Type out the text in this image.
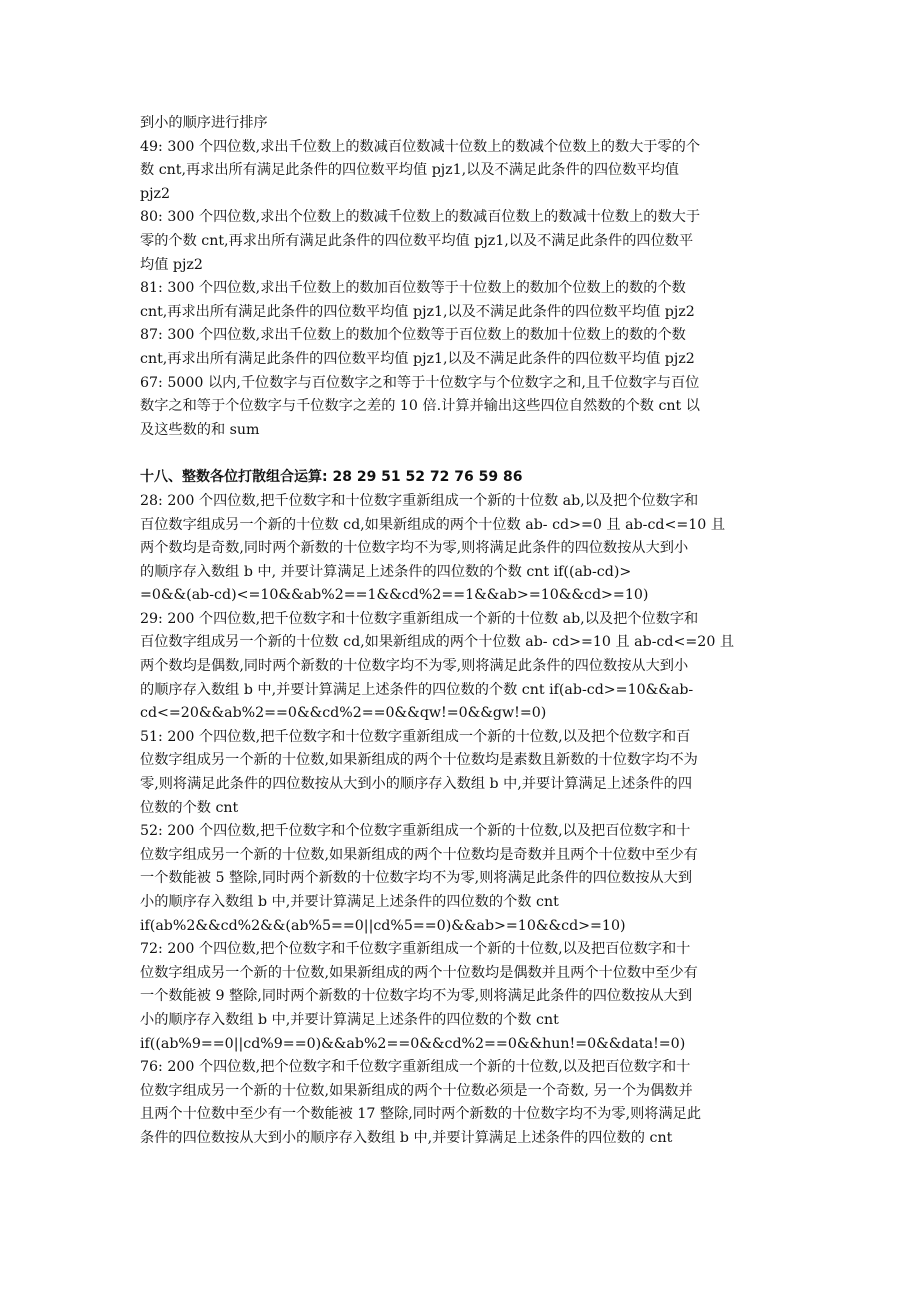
到小的顺序进行排序
49: 300 个四位数,求出千位数上的数减百位数减十位数上的数减个位数上的数大于零的个
数 cnt,再求出所有满足此条件的四位数平均值 pjz1,以及不满足此条件的四位数平均值
pjz2
80: 300 个四位数,求出个位数上的数减千位数上的数减百位数上的数减十位数上的数大于
零的个数 cnt,再求出所有满足此条件的四位数平均值 pjz1,以及不满足此条件的四位数平
均值 pjz2
81: 300 个四位数,求出千位数上的数加百位数等于十位数上的数加个位数上的数的个数
cnt,再求出所有满足此条件的四位数平均值 pjz1,以及不满足此条件的四位数平均值 pjz2
87: 300 个四位数,求出千位数上的数加个位数等于百位数上的数加十位数上的数的个数
cnt,再求出所有满足此条件的四位数平均值 pjz1,以及不满足此条件的四位数平均值 pjz2
67: 5000 以内,千位数字与百位数字之和等于十位数字与个位数字之和,且千位数字与百位
数字之和等于个位数字与千位数字之差的 10 倍.计算并输出这些四位自然数的个数 cnt 以
及这些数的和 sum
十八、整数各位打散组合运算: 28 29 51 52 72 76 59 86
28: 200 个四位数,把千位数字和十位数字重新组成一个新的十位数 ab,以及把个位数字和
百位数字组成另一个新的十位数 cd,如果新组成的两个十位数 ab- cd>=0 且 ab-cd<=10 且
两个数均是奇数,同时两个新数的十位数字均不为零,则将满足此条件的四位数按从大到小
的顺序存入数组 b 中, 并要计算满足上述条件的四位数的个数 cnt if((ab-cd)>
=0&&(ab-cd)<=10&&ab%2==1&&cd%2==1&&ab>=10&&cd>=10)
29: 200 个四位数,把千位数字和十位数字重新组成一个新的十位数 ab,以及把个位数字和
百位数字组成另一个新的十位数 cd,如果新组成的两个十位数 ab- cd>=10 且 ab-cd<=20 且
两个数均是偶数,同时两个新数的十位数字均不为零,则将满足此条件的四位数按从大到小
的顺序存入数组 b 中,并要计算满足上述条件的四位数的个数 cnt if(ab-cd>=10&&ab-
cd<=20&&ab%2==0&&cd%2==0&&qw!=0&&gw!=0)
51: 200 个四位数,把千位数字和十位数字重新组成一个新的十位数,以及把个位数字和百
位数字组成另一个新的十位数,如果新组成的两个十位数均是素数且新数的十位数字均不为
零,则将满足此条件的四位数按从大到小的顺序存入数组 b 中,并要计算满足上述条件的四
位数的个数 cnt
52: 200 个四位数,把千位数字和个位数字重新组成一个新的十位数,以及把百位数字和十
位数字组成另一个新的十位数,如果新组成的两个十位数均是奇数并且两个十位数中至少有
一个数能被 5 整除,同时两个新数的十位数字均不为零,则将满足此条件的四位数按从大到
小的顺序存入数组 b 中,并要计算满足上述条件的四位数的个数 cnt
if(ab%2&&cd%2&&(ab%5==0||cd%5==0)&&ab>=10&&cd>=10)
72: 200 个四位数,把个位数字和千位数字重新组成一个新的十位数,以及把百位数字和十
位数字组成另一个新的十位数,如果新组成的两个十位数均是偶数并且两个十位数中至少有
一个数能被 9 整除,同时两个新数的十位数字均不为零,则将满足此条件的四位数按从大到
小的顺序存入数组 b 中,并要计算满足上述条件的四位数的个数 cnt
if((ab%9==0||cd%9==0)&&ab%2==0&&cd%2==0&&hun!=0&&data!=0)
76: 200 个四位数,把个位数字和千位数字重新组成一个新的十位数,以及把百位数字和十
位数字组成另一个新的十位数,如果新组成的两个十位数必须是一个奇数, 另一个为偶数并
且两个十位数中至少有一个数能被 17 整除,同时两个新数的十位数字均不为零,则将满足此
条件的四位数按从大到小的顺序存入数组 b 中,并要计算满足上述条件的四位数的 cnt
